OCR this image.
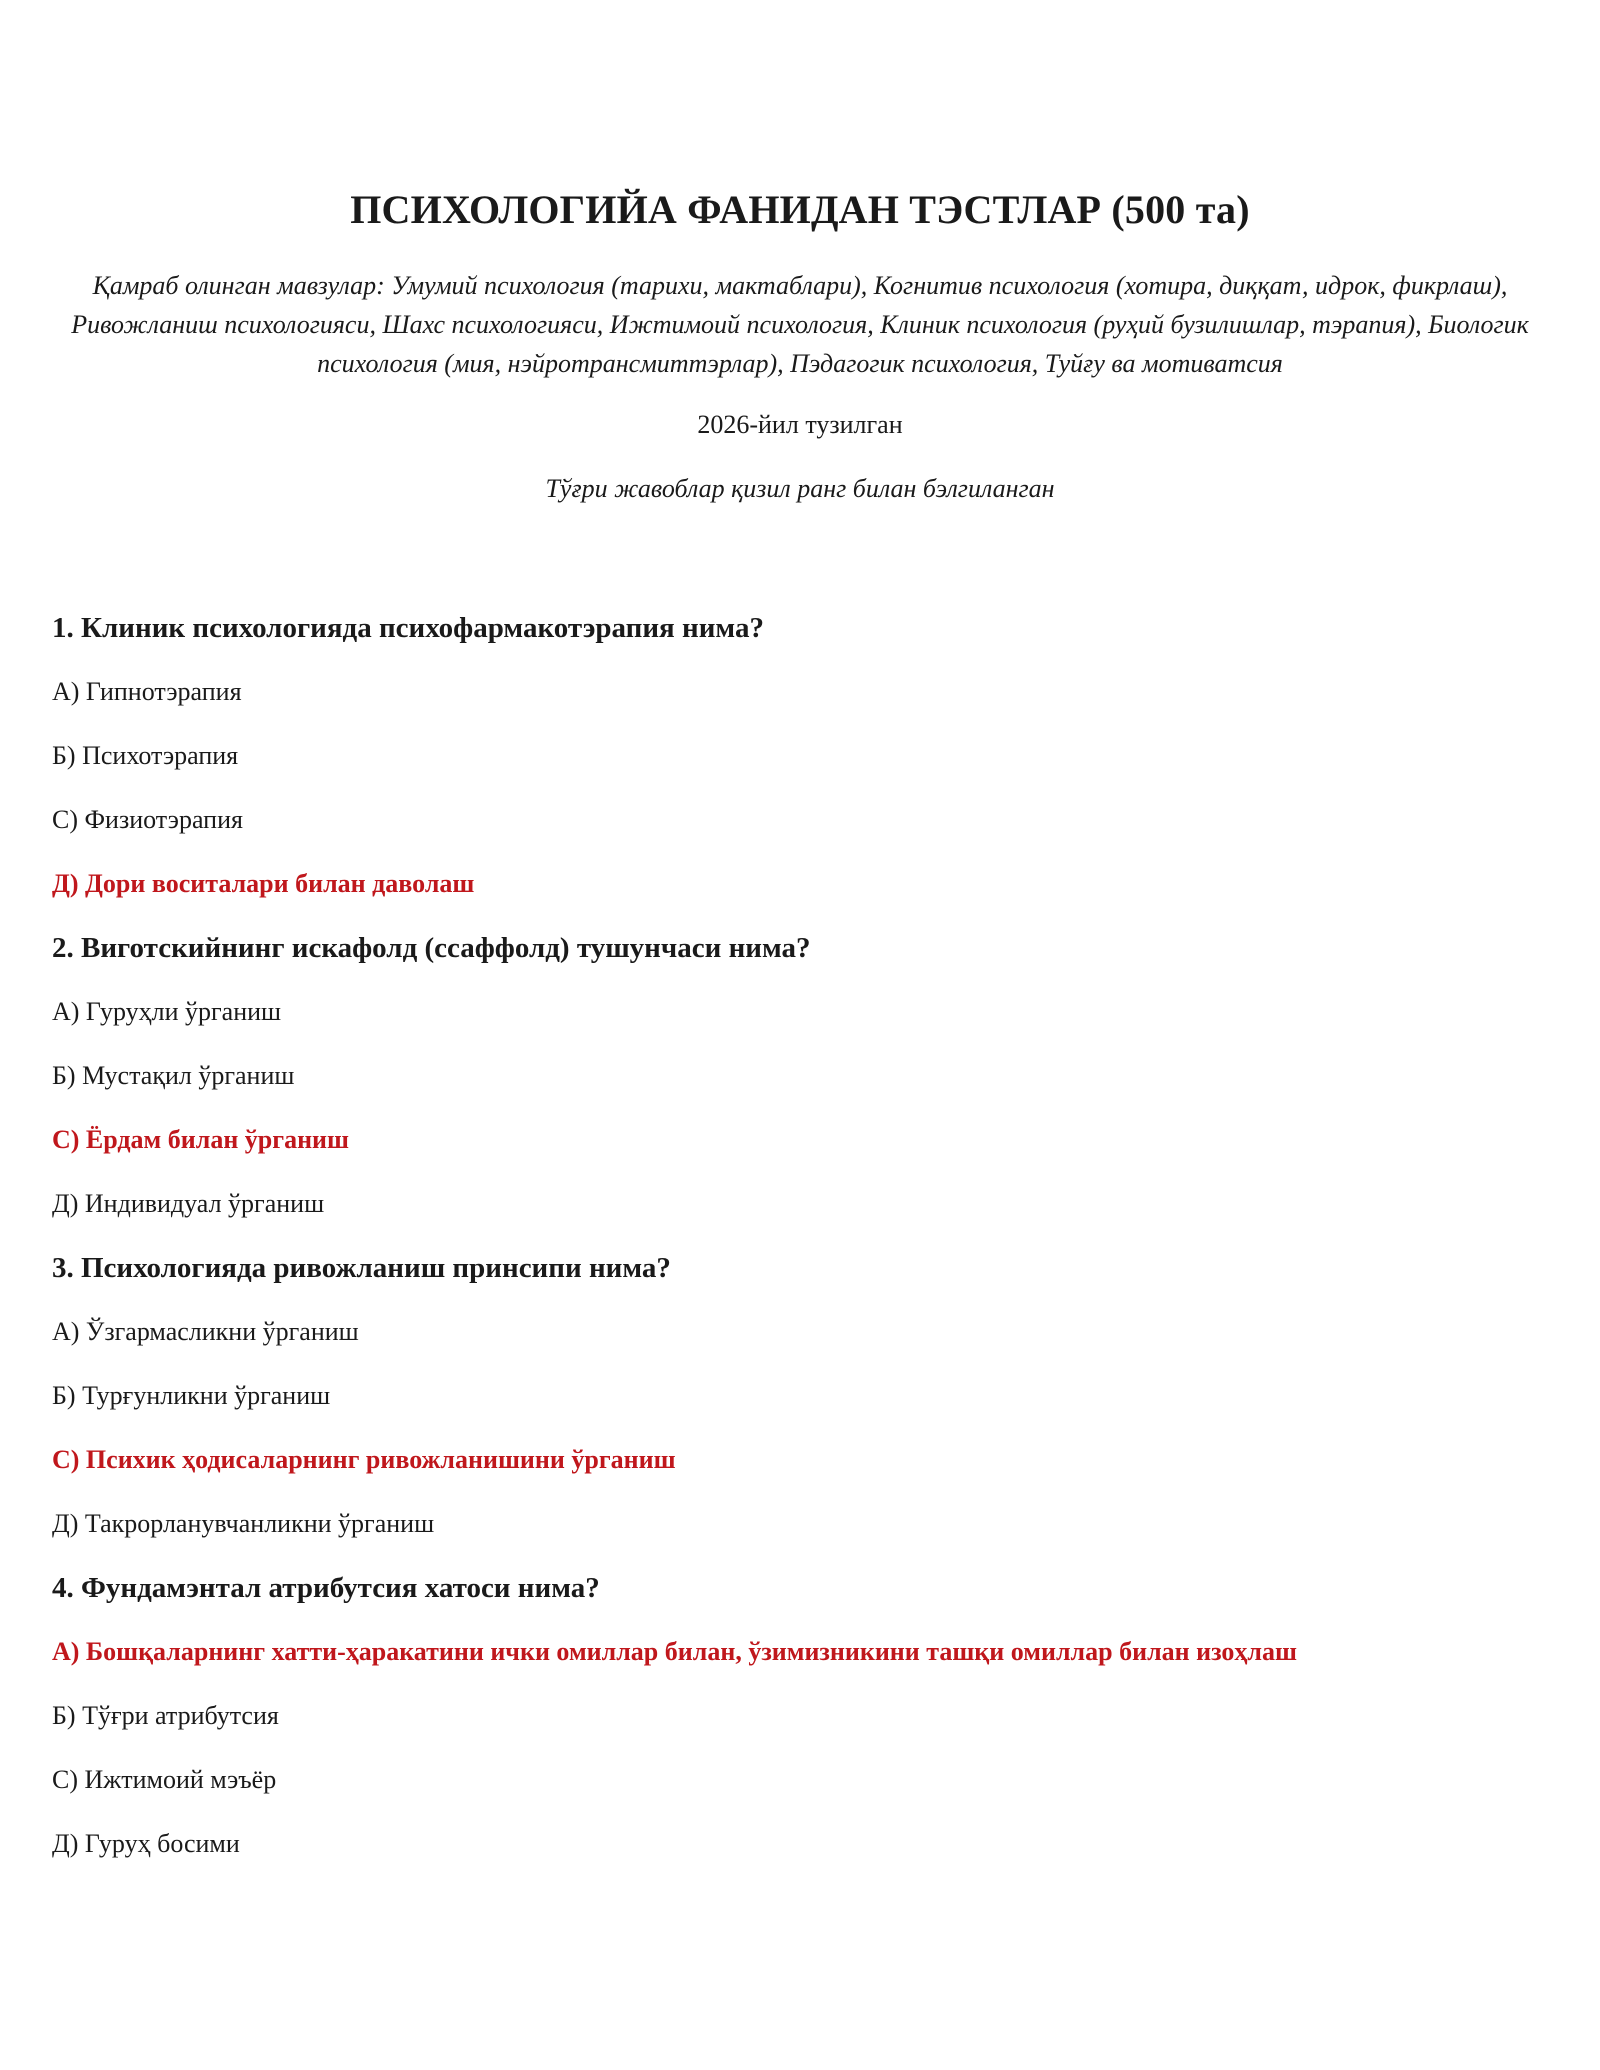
ПСИХОЛОГИЙА ФАНИДАН ТЭСТЛАР (500 та)
Қамраб олинган мавзулар: Умумий психология (тарихи, мактаблари), Когнитив психология (хотира, диққат, идрок, фикрлаш), Ривожланиш психологияси, Шахс психологияси, Ижтимоий психология, Клиник психология (руҳий бузилишлар, тэрапия), Биологик психология (мия, нэйротрансмиттэрлар), Пэдагогик психология, Туйғу ва мотиватсия
2026-йил тузилган
Тўғри жавоблар қизил ранг билан бэлгиланган
1. Клиник психологияда психофармакотэрапия нима?
А) Гипнотэрапия
Б) Психотэрапия
С) Физиотэрапия
Д) Дори воситалари билан даволаш
2. Виготскийнинг искафолд (ссаффолд) тушунчаси нима?
А) Гуруҳли ўрганиш
Б) Мустақил ўрганиш
С) Ёрдам билан ўрганиш
Д) Индивидуал ўрганиш
3. Психологияда ривожланиш принсипи нима?
А) Ўзгармасликни ўрганиш
Б) Турғунликни ўрганиш
С) Психик ҳодисаларнинг ривожланишини ўрганиш
Д) Такрорланувчанликни ўрганиш
4. Фундамэнтал атрибутсия хатоси нима?
А) Бошқаларнинг хатти-ҳаракатини ички омиллар билан, ўзимизникини ташқи омиллар билан изоҳлаш
Б) Тўғри атрибутсия
С) Ижтимоий мэъёр
Д) Гуруҳ босими
